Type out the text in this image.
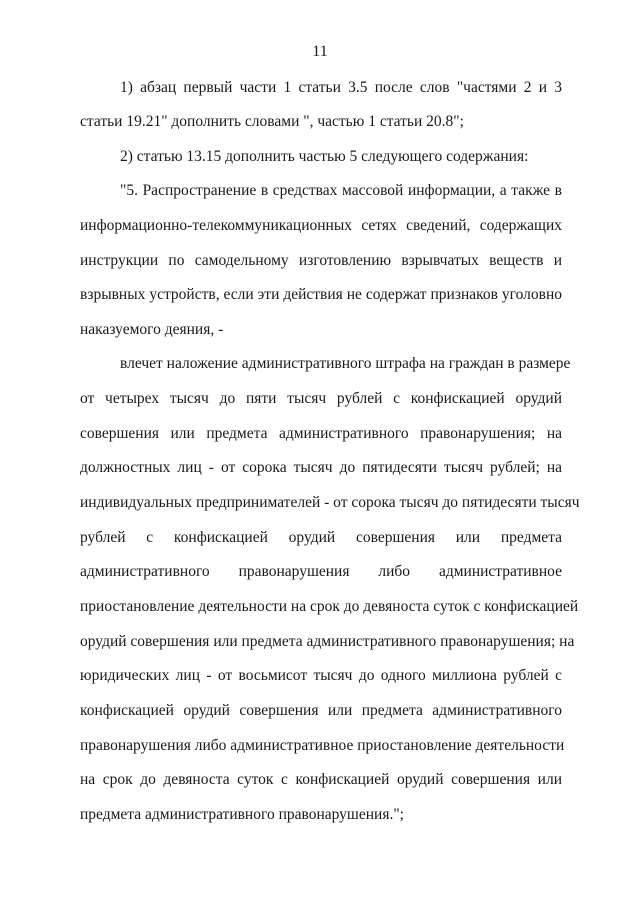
11
1) абзац первый части 1 статьи 3.5 после слов "частями 2 и 3
статьи 19.21" дополнить словами ", частью 1 статьи 20.8";
2) статью 13.15 дополнить частью 5 следующего содержания:
"5. Распространение в средствах массовой информации, а также в
информационно-телекоммуникационных сетях сведений, содержащих
инструкции по самодельному изготовлению взрывчатых веществ и
взрывных устройств, если эти действия не содержат признаков уголовно
наказуемого деяния, -
влечет наложение административного штрафа на граждан в размере
от четырех тысяч до пяти тысяч рублей с конфискацией орудий
совершения или предмета административного правонарушения; на
должностных лиц - от сорока тысяч до пятидесяти тысяч рублей; на
индивидуальных предпринимателей - от сорока тысяч до пятидесяти тысяч
рублей с конфискацией орудий совершения или предмета
административного правонарушения либо административное
приостановление деятельности на срок до девяноста суток с конфискацией
орудий совершения или предмета административного правонарушения; на
юридических лиц - от восьмисот тысяч до одного миллиона рублей с
конфискацией орудий совершения или предмета административного
правонарушения либо административное приостановление деятельности
на срок до девяноста суток с конфискацией орудий совершения или
предмета административного правонарушения.";
